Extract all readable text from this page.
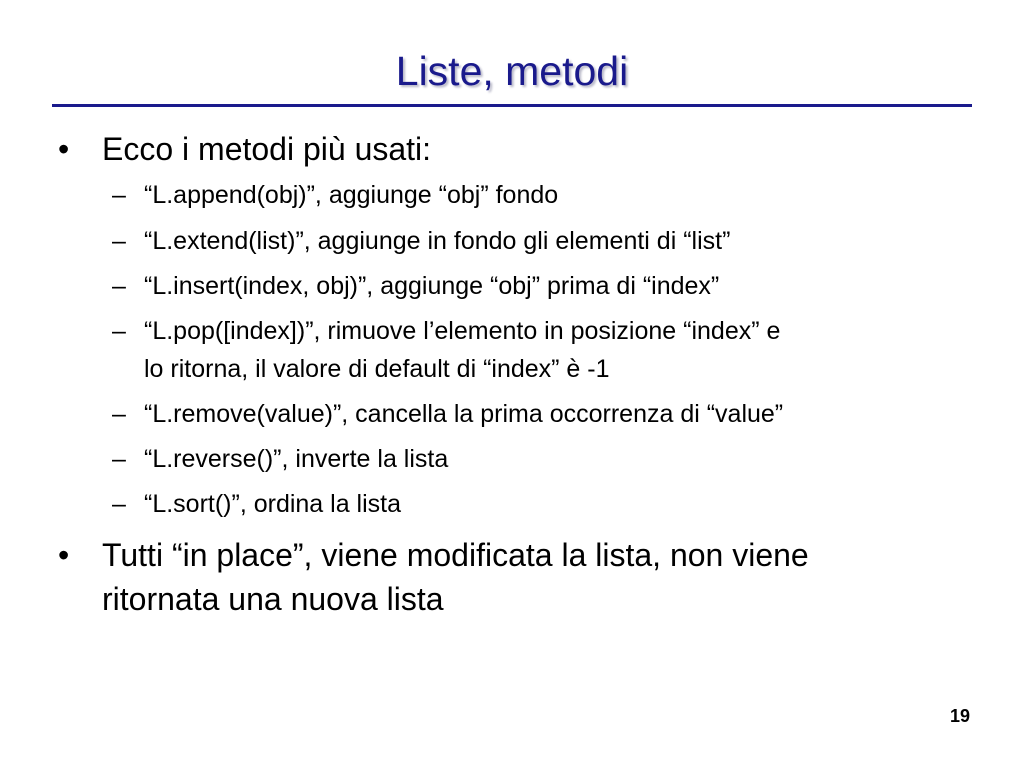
Liste, metodi
•	Ecco i metodi più usati:
– “L.append(obj)”, aggiunge “obj” fondo
– “L.extend(list)”, aggiunge in fondo gli elementi di “list”
– “L.insert(index, obj)”, aggiunge “obj” prima di “index”
– “L.pop([index])”, rimuove l’elemento in posizione “index” e
lo ritorna, il valore di default di “index” è -1
– “L.remove(value)”, cancella la prima occorrenza di “value”
– “L.reverse()”, inverte la lista
– “L.sort()”, ordina la lista
•	Tutti “in place”, viene modificata la lista, non viene
ritornata una nuova lista
19
